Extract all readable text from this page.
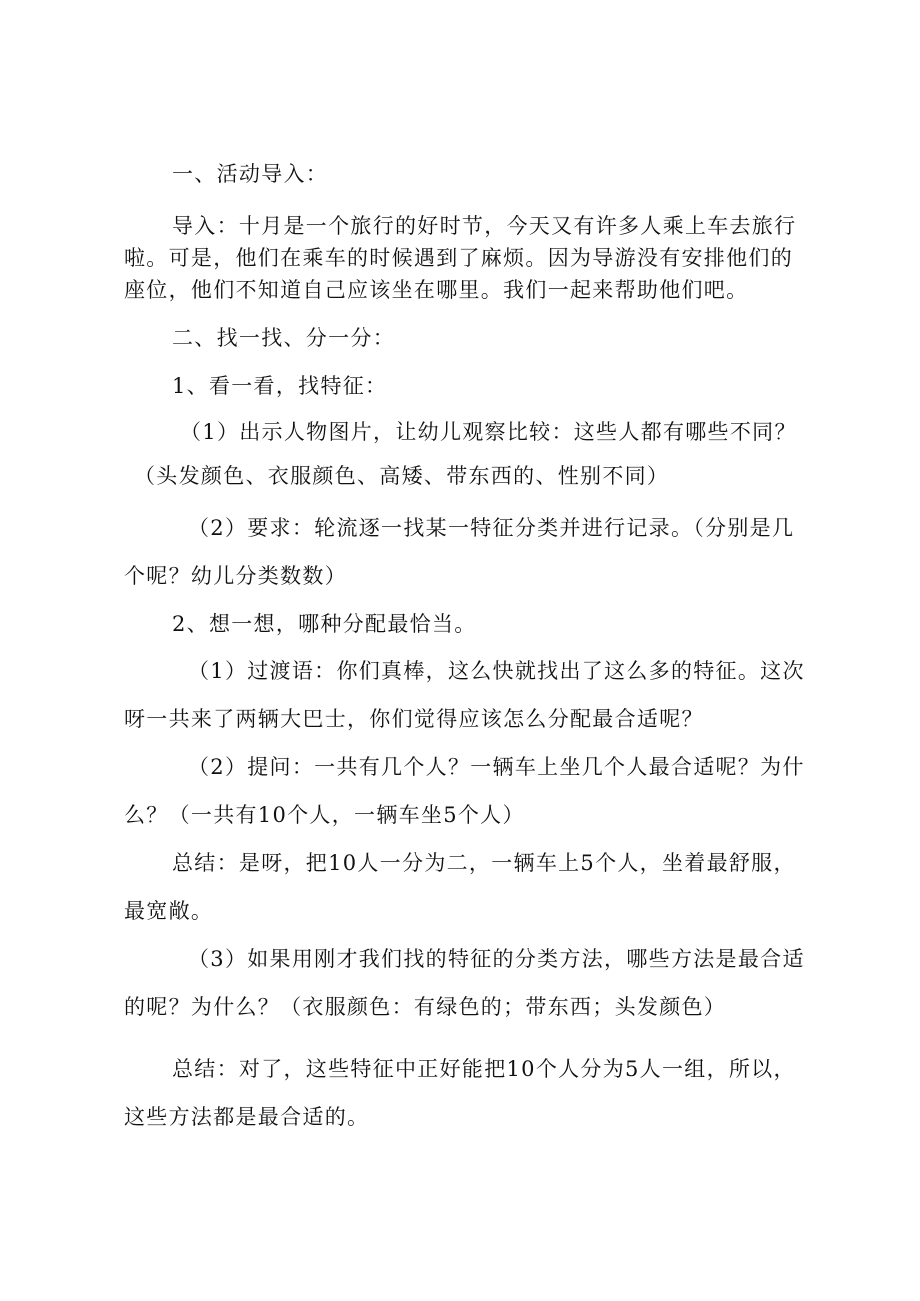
一、活动导入：
导入：十月是一个旅行的好时节，今天又有许多人乘上车去旅行
啦。可是，他们在乘车的时候遇到了麻烦。因为导游没有安排他们的
座位，他们不知道自己应该坐在哪里。我们一起来帮助他们吧。
二、找一找、分一分：
1、看一看，找特征：
（1）出示人物图片，让幼儿观察比较：这些人都有哪些不同？
（头发颜色、衣服颜色、高矮、带东西的、性别不同）
（2）要求：轮流逐一找某一特征分类并进行记录。（分别是几
个呢？幼儿分类数数）
2、想一想，哪种分配最恰当。
（1）过渡语：你们真棒，这么快就找出了这么多的特征。这次
呀一共来了两辆大巴士，你们觉得应该怎么分配最合适呢？
（2）提问：一共有几个人？一辆车上坐几个人最合适呢？为什
么？（一共有10个人，一辆车坐5个人）
总结：是呀，把10人一分为二，一辆车上5个人，坐着最舒服，
最宽敞。
（3）如果用刚才我们找的特征的分类方法，哪些方法是最合适
的呢？为什么？（衣服颜色：有绿色的；带东西；头发颜色）
总结：对了，这些特征中正好能把10个人分为5人一组，所以，
这些方法都是最合适的。
